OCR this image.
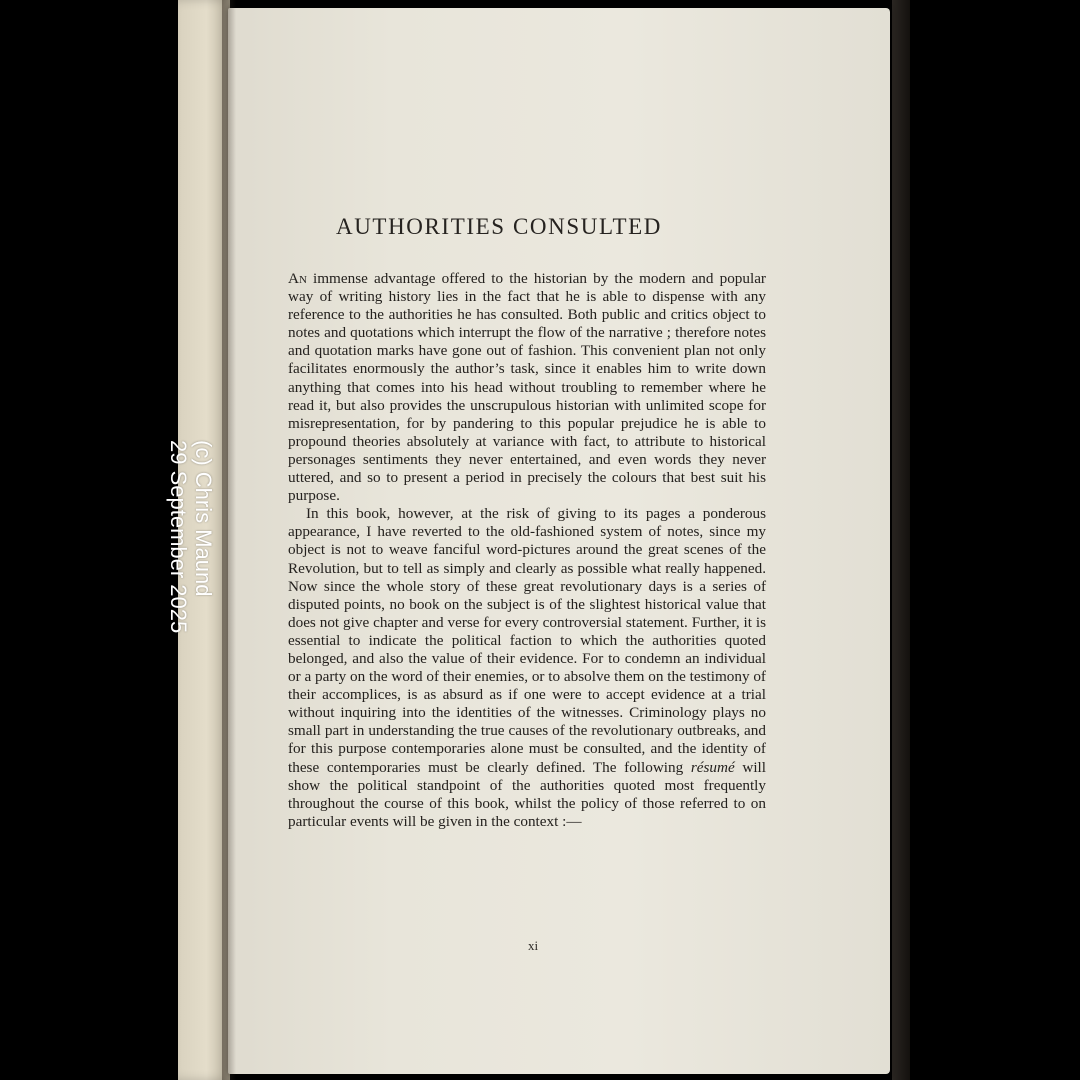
AUTHORITIES CONSULTED

An immense advantage offered to the historian by the modern and popular way of writing history lies in the fact that he is able to dispense with any reference to the authorities he has consulted. Both public and critics object to notes and quotations which interrupt the flow of the narrative ; therefore notes and quotation marks have gone out of fashion. This convenient plan not only facilitates enormously the author’s task, since it enables him to write down anything that comes into his head without troubling to remember where he read it, but also provides the unscrupulous historian with unlimited scope for misrepresentation, for by pandering to this popular prejudice he is able to propound theories absolutely at variance with fact, to attribute to historical personages sentiments they never entertained, and even words they never uttered, and so to present a period in precisely the colours that best suit his purpose.

In this book, however, at the risk of giving to its pages a ponderous appearance, I have reverted to the old-fashioned system of notes, since my object is not to weave fanciful word-pictures around the great scenes of the Revolution, but to tell as simply and clearly as possible what really happened. Now since the whole story of these great revolutionary days is a series of disputed points, no book on the subject is of the slightest historical value that does not give chapter and verse for every controversial statement. Further, it is essential to indicate the political faction to which the authorities quoted belonged, and also the value of their evidence. For to condemn an individual or a party on the word of their enemies, or to absolve them on the testimony of their accomplices, is as absurd as if one were to accept evidence at a trial without inquiring into the identities of the witnesses. Criminology plays no small part in understanding the true causes of the revolutionary outbreaks, and for this purpose contemporaries alone must be consulted, and the identity of these contemporaries must be clearly defined. The following résumé will show the political standpoint of the authorities quoted most frequently throughout the course of this book, whilst the policy of those referred to on particular events will be given in the context :—

xi
(c) Chris Maund
29 September 2025
